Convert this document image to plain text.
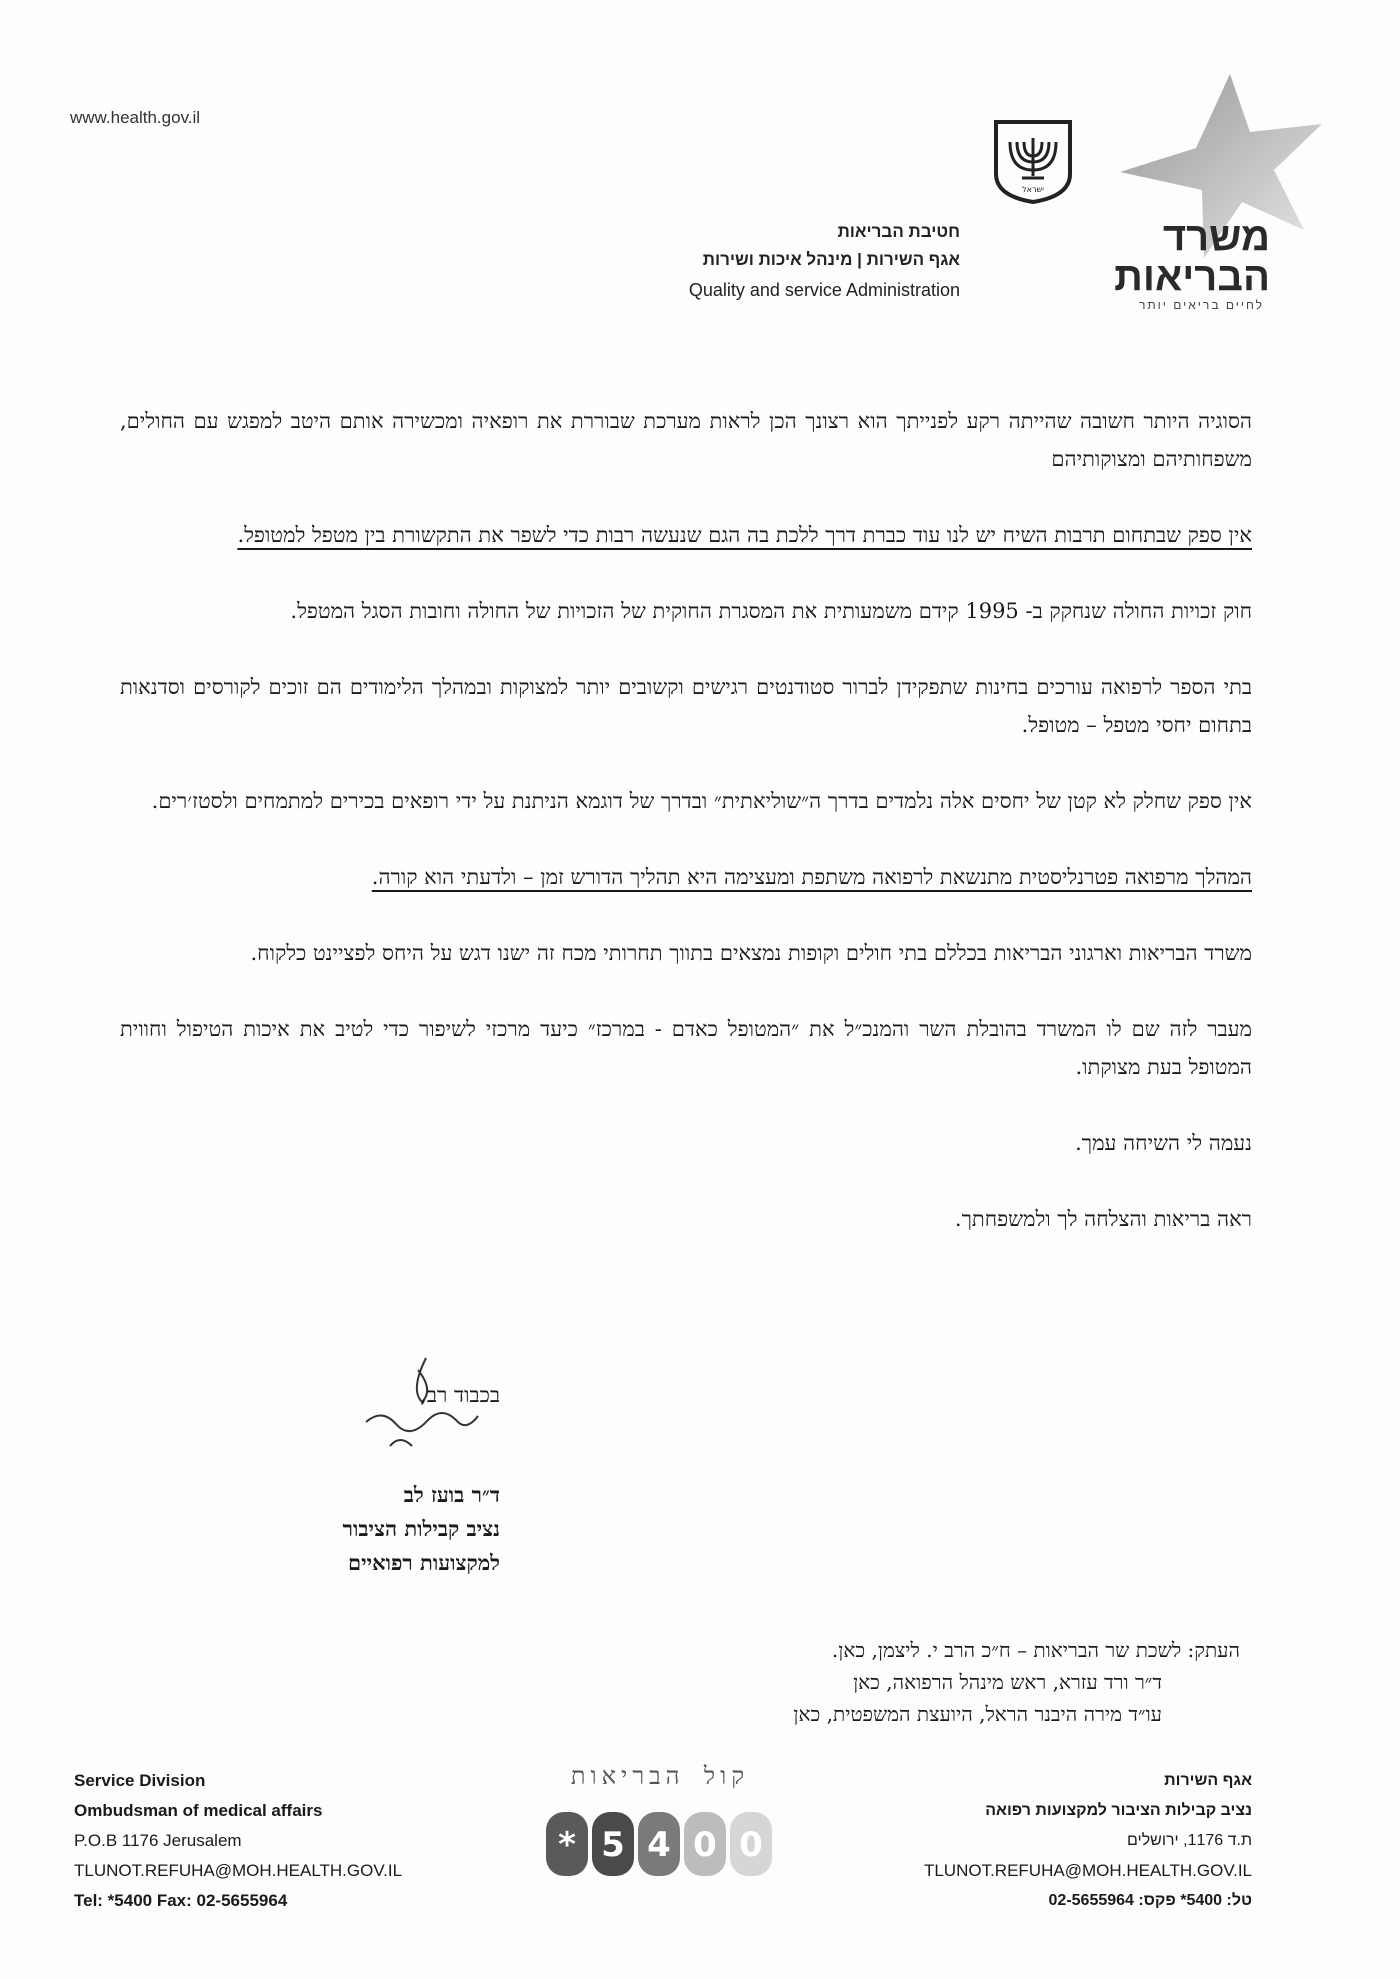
www.health.gov.il
ישראל
חטיבת הבריאות
אגף השירות | מינהל איכות ושירות
Quality and service Administration
משרד
הבריאות
לחיים בריאים יותר

הסוגיה היותר חשובה שהייתה רקע לפנייתך הוא רצונך הכן לראות מערכת שבוררת את רופאיה ומכשירה אותם היטב למפגש עם החולים, משפחותיהם ומצוקותיהם

אין ספק שבתחום תרבות השיח יש לנו עוד כברת דרך ללכת בה הגם שנעשה רבות כדי לשפר את התקשורת בין מטפל למטופל.

חוק זכויות החולה שנחקק ב- 1995 קידם משמעותית את המסגרת החוקית של הזכויות של החולה וחובות הסגל המטפל.

בתי הספר לרפואה עורכים בחינות שתפקידן לברור סטודנטים רגישים וקשובים יותר למצוקות ובמהלך הלימודים הם זוכים לקורסים וסדנאות בתחום יחסי מטפל – מטופל.

אין ספק שחלק לא קטן של יחסים אלה נלמדים בדרך ה״שוליאתית״ ובדרך של דוגמא הניתנת על ידי רופאים בכירים למתמחים ולסטז׳רים.

המהלך מרפואה פטרנליסטית מתנשאת לרפואה משתפת ומעצימה היא תהליך הדורש זמן – ולדעתי הוא קורה.

משרד הבריאות וארגוני הבריאות בכללם בתי חולים וקופות נמצאים בתווך תחרותי מכח זה ישנו דגש על היחס לפציינט כלקוח.

מעבר לזה שם לו המשרד בהובלת השר והמנכ״ל את ״המטופל כאדם - במרכז״ כיעד מרכזי לשיפור כדי לטיב את איכות הטיפול וחווית המטופל בעת מצוקתו.

נעמה לי השיחה עמך.

ראה בריאות והצלחה לך ולמשפחתך.

בכבוד רב,
ד״ר בועז לב
נציב קבילות הציבור
למקצועות רפואיים
העתק: לשכת שר הבריאות – ח״כ הרב י. ליצמן, כאן.
ד״ר ורד עזרא, ראש מינהל הרפואה, כאן
עו״ד מירה היבנר הראל, היועצת המשפטית, כאן
Service Division
Ombudsman of medical affairs
P.O.B 1176 Jerusalem
TLUNOT.REFUHA@MOH.HEALTH.GOV.IL
Tel: *5400 Fax: 02-5655964
קול הבריאות
* 5 4 0 0
אגף השירות
נציב קבילות הציבור למקצועות רפואה
ת.ד 1176, ירושלים
TLUNOT.REFUHA@MOH.HEALTH.GOV.IL
טל: 5400* פקס: 02-5655964
